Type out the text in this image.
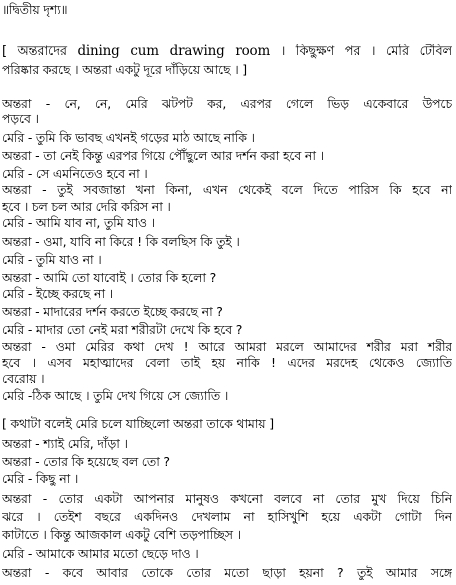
॥দ্বিতীয় দৃশ্য॥
[ অন্তরাদের dining cum drawing room । কিছুক্ষণ পর । মেরি টেবিল
পরিষ্কার করছে । অন্তরা একটু দূরে দাঁড়িয়ে আছে । ]
অন্তরা - নে, নে, মেরি ঝটপট কর, এরপর গেলে ভিড় একেবারে উপচে
পড়বে ।
মেরি - তুমি কি ভাবছ এখনই গড়ের মাঠ আছে নাকি ।
অন্তরা - তা নেই কিন্তু এরপর গিয়ে পৌঁছুলে আর দর্শন করা হবে না ।
মেরি - সে এমনিতেও হবে না ।
অন্তরা - তুই সবজান্তা খনা কিনা, এখন থেকেই বলে দিতে পারিস কি হবে না
হবে । চল চল আর দেরি করিস না ।
মেরি - আমি যাব না, তুমি যাও ।
অন্তরা - ওমা, যাবি না কিরে ! কি বলছিস কি তুই ।
মেরি - তুমি যাও না ।
অন্তরা - আমি তো যাবোই । তোর কি হলো ?
মেরি - ইচ্ছে করছে না ।
অন্তরা - মাদারের দর্শন করতে ইচ্ছে করছে না ?
মেরি - মাদার তো নেই মরা শরীরটা দেখে কি হবে ?
অন্তরা - ওমা মেরির কথা দেখ ! আরে আমরা মরলে আমাদের শরীর মরা শরীর
হবে । এসব মহাত্মাদের বেলা তাই হয় নাকি ! এদের মরদেহ থেকেও জ্যোতি
বেরোয় ।
মেরি -ঠিক আছে । তুমি দেখ গিয়ে সে জ্যোতি ।
[ কথাটা বলেই মেরি চলে যাচ্ছিলো অন্তরা তাকে থামায় ]
অন্তরা - শ্যাই মেরি, দাঁড়া ।
অন্তরা - তোর কি হয়েছে বল তো ?
মেরি - কিছু না ।
অন্তরা - তোর একটা আপনার মানুষও কখনো বলবে না তোর মুখ দিয়ে চিনি
ঝরে । তেইশ বছরে একদিনও দেখলাম না হাসিখুশি হয়ে একটা গোটা দিন
কাটাতে । কিন্তু আজকাল একটু বেশি তড়পাচ্ছিস ।
মেরি - আমাকে আমার মতো ছেড়ে দাও ।
অন্তরা - কবে আবার তোকে তোর মতো ছাড়া হয়না ? তুই আমার সঙ্গে
